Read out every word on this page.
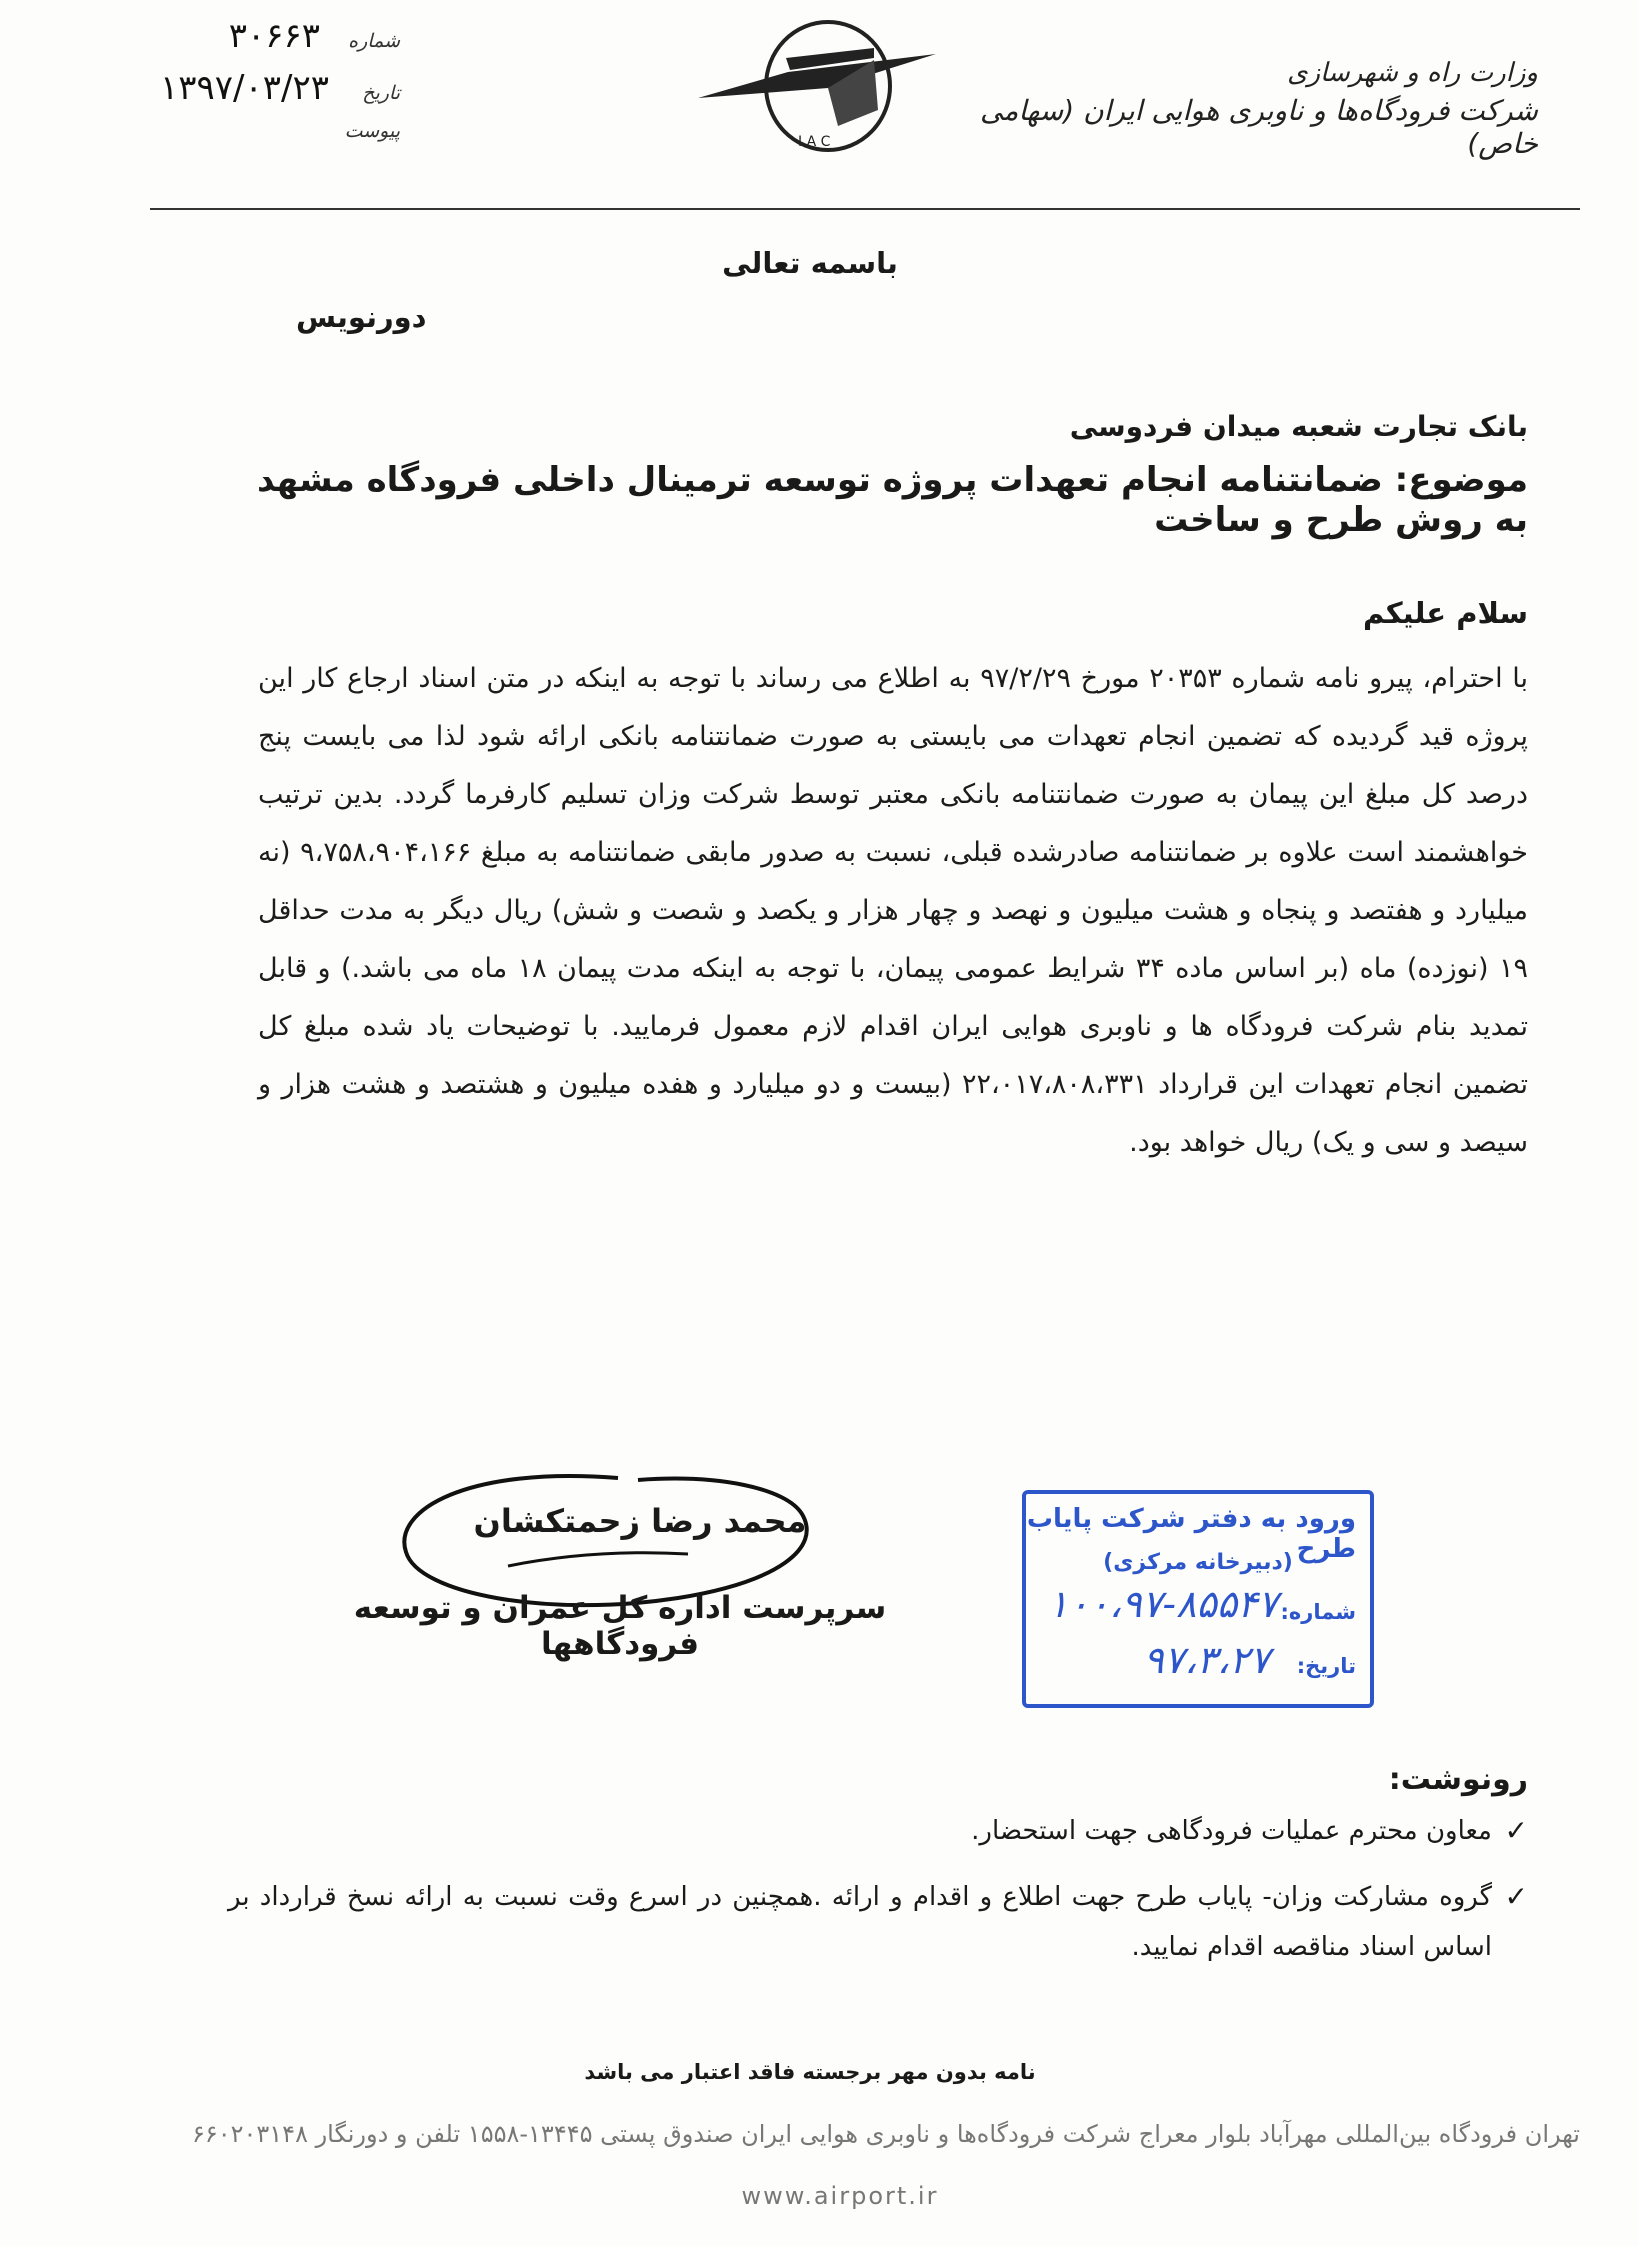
شماره
۳۰۶۶۳
تاریخ
۱۳۹۷/۰۳/۲۳
پیوست	I A C
وزارت راه و شهرسازی
شرکت فرودگاه‌ها و ناوبری هوایی ایران (سهامی خاص)
باسمه تعالی
دورنویس
بانک تجارت شعبه میدان فردوسی
موضوع: ضمانتنامه انجام تعهدات پروژه توسعه ترمینال داخلی فرودگاه مشهد به روش طرح و ساخت
سلام علیکم
با احترام، پیرو نامه شماره ۲۰۳۵۳ مورخ ۹۷/۲/۲۹ به اطلاع می رساند با توجه به اینکه در متن اسناد ارجاع کار این پروژه قید گردیده که تضمین انجام تعهدات می بایستی به صورت ضمانتنامه بانکی ارائه شود لذا می بایست پنج درصد کل مبلغ این پیمان به صورت ضمانتنامه بانکی معتبر توسط شرکت وزان تسلیم کارفرما گردد. بدین ترتیب خواهشمند است علاوه بر ضمانتنامه صادرشده قبلی، نسبت به صدور مابقی ضمانتنامه به مبلغ ۹،۷۵۸،۹۰۴،۱۶۶ (نه میلیارد و هفتصد و پنجاه و هشت میلیون و نهصد و چهار هزار و یکصد و شصت و شش) ریال دیگر به مدت حداقل ۱۹ (نوزده) ماه (بر اساس ماده ۳۴ شرایط عمومی پیمان، با توجه به اینکه مدت پیمان ۱۸ ماه می باشد.) و قابل تمدید بنام شرکت فرودگاه ها و ناوبری هوایی ایران اقدام لازم معمول فرمایید. با توضیحات یاد شده مبلغ کل تضمین انجام تعهدات این قرارداد ۲۲،۰۱۷،۸۰۸،۳۳۱ (بیست و دو میلیارد و هفده میلیون و هشتصد و هشت هزار و سیصد و سی و یک) ریال خواهد بود.
محمد رضا زحمتکشان
سرپرست اداره کل عمران و توسعه فرودگاهها
ورود به دفتر شرکت پایاب طرح
(دبیرخانه مرکزی)
شماره:
۱۰۰،۹۷-۸۵۵۴۷
تاریخ:
۹۷،۳،۲۷
رونوشت:
✓
معاون محترم عملیات فرودگاهی جهت استحضار.
✓
گروه مشارکت وزان- پایاب طرح جهت اطلاع و اقدام و ارائه .همچنین در اسرع وقت نسبت به ارائه نسخ قرارداد بر اساس اسناد مناقصه اقدام نمایید.
نامه بدون مهر برجسته فاقد اعتبار می باشد
تهران فرودگاه بین‌المللی مهرآباد بلوار معراج شرکت فرودگاه‌ها و ناوبری هوایی ایران صندوق پستی ۱۳۴۴۵-۱۵۵۸ تلفن و دورنگار ۶۶۰۲۰۳۱۴۸
www.airport.ir
